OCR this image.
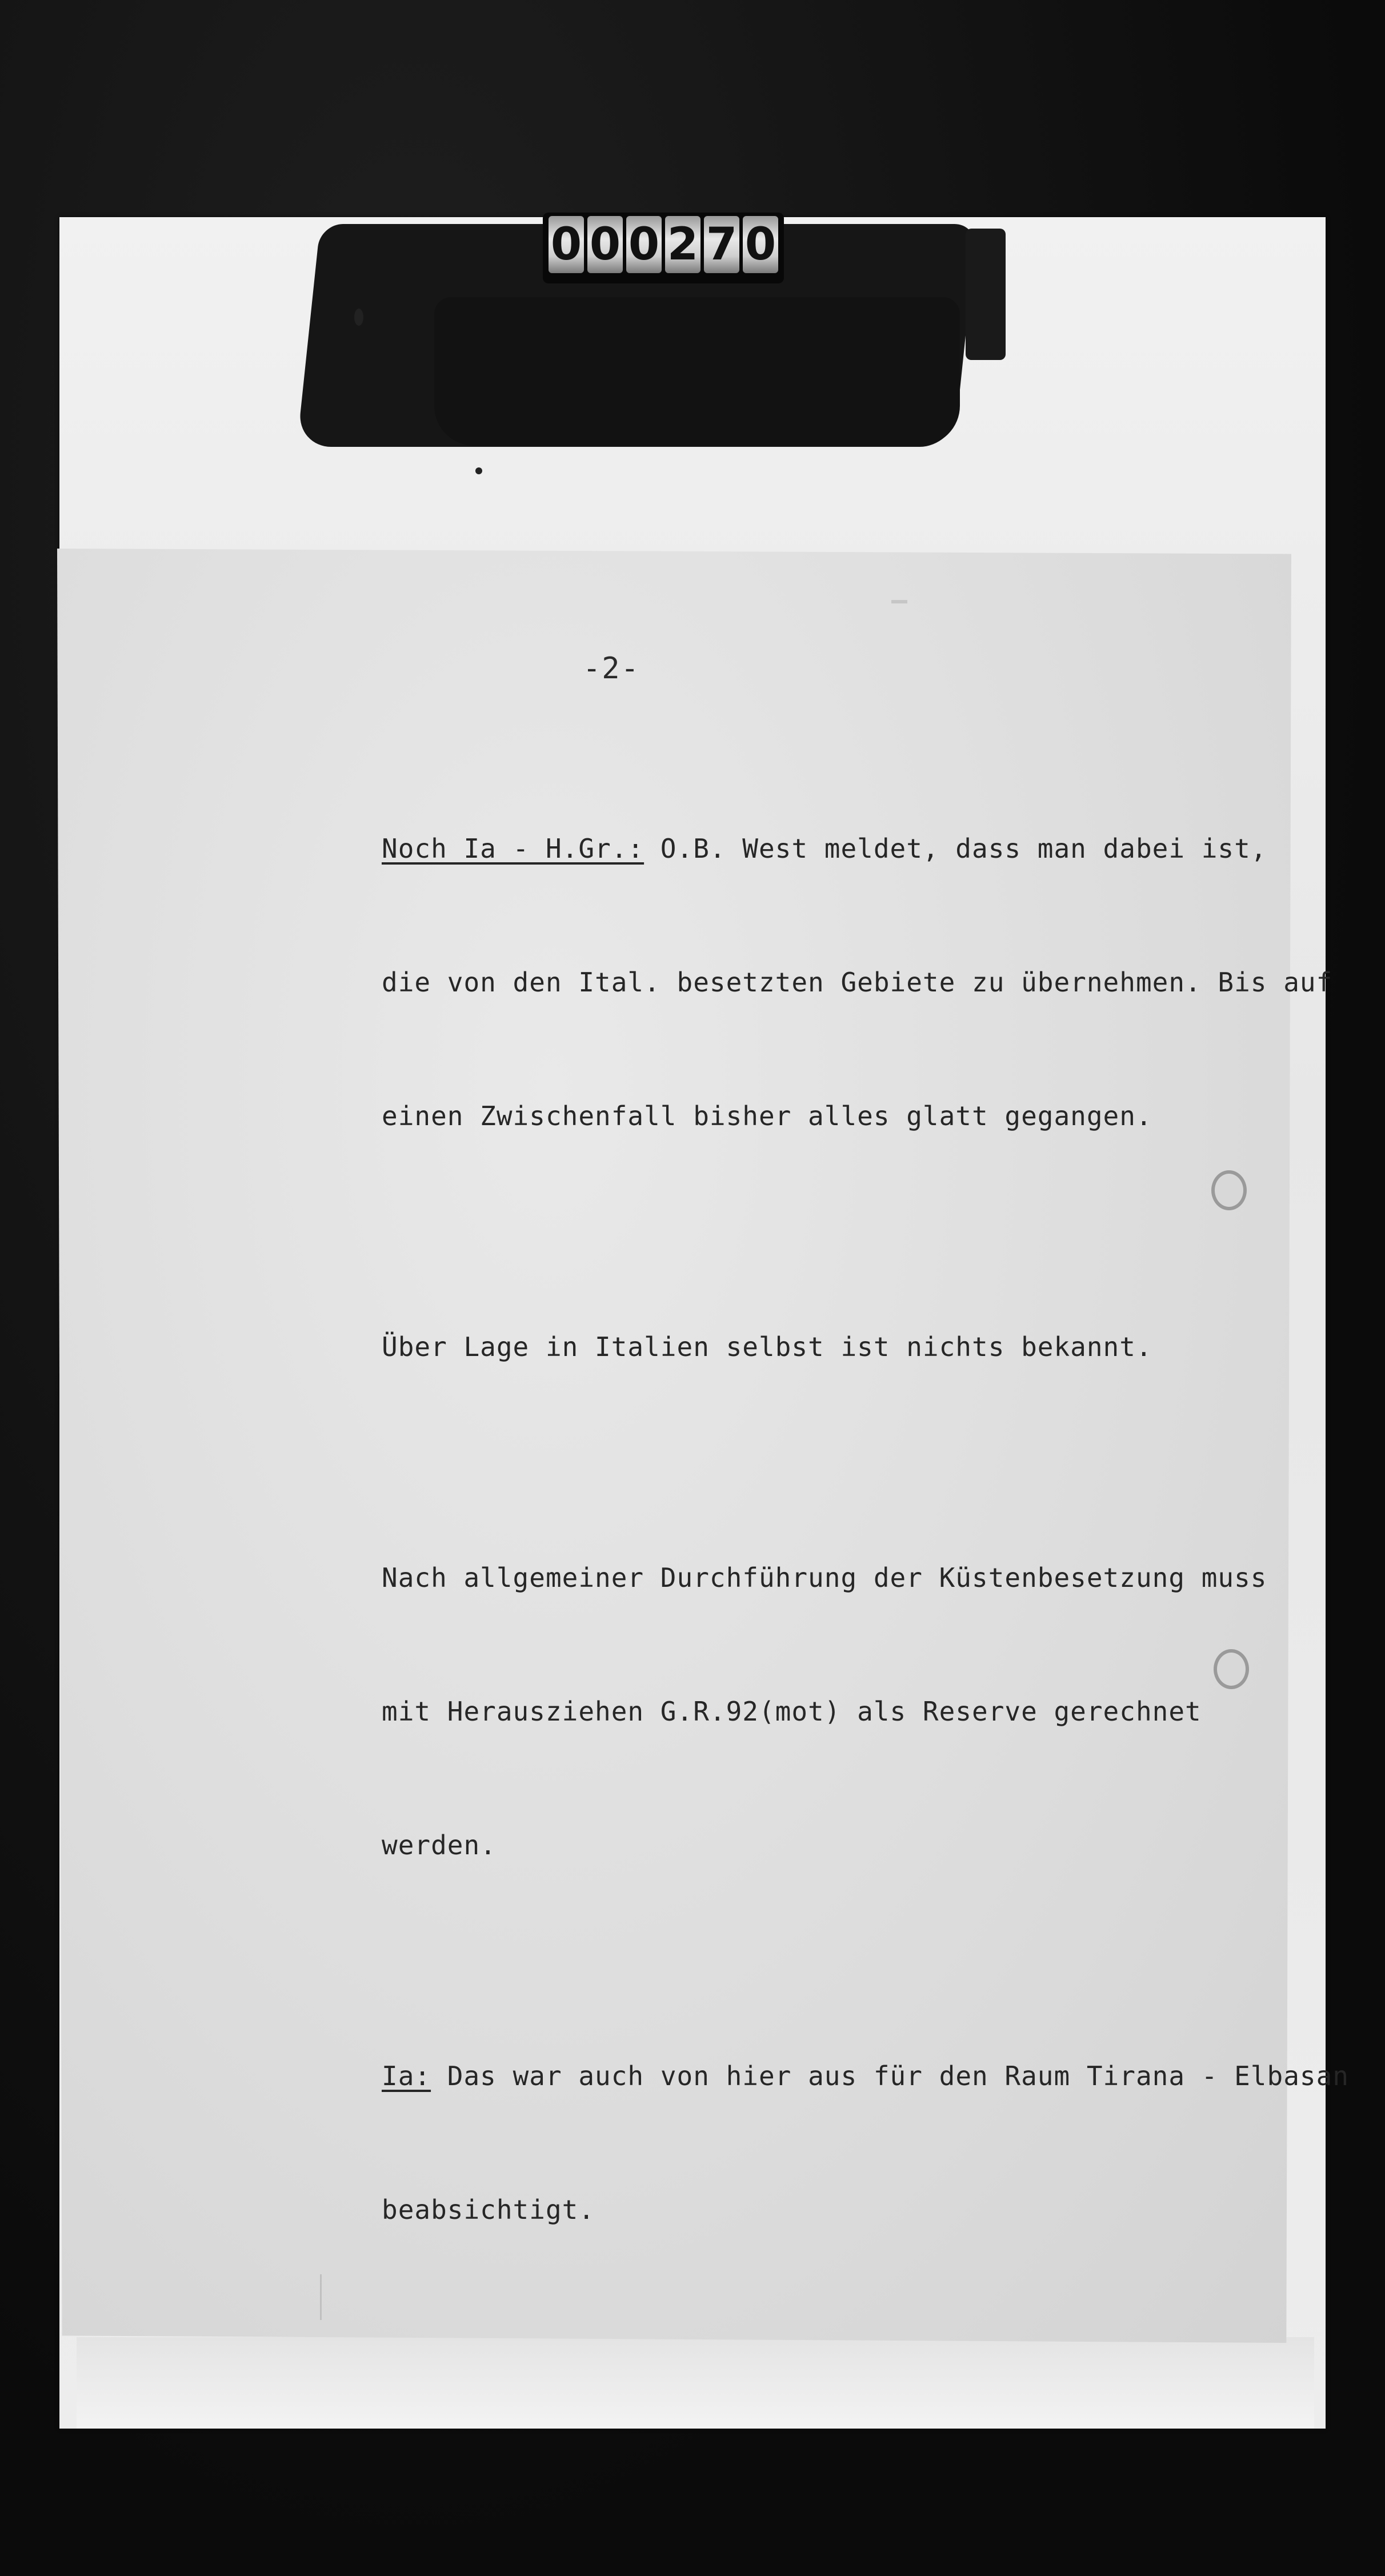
0 0 0 2 7 0
-2-

Noch Ia - H.Gr.: O.B. West meldet, dass man dabei ist,

die von den Ital. besetzten Gebiete zu übernehmen. Bis auf

einen Zwischenfall bisher alles glatt gegangen.

Über Lage in Italien selbst ist nichts bekannt.

Nach allgemeiner Durchführung der Küstenbesetzung muss

mit Herausziehen G.R.92(mot) als Reserve gerechnet

werden.

Ia: Das war auch von hier aus für den Raum Tirana - Elbasan

beabsichtigt.
